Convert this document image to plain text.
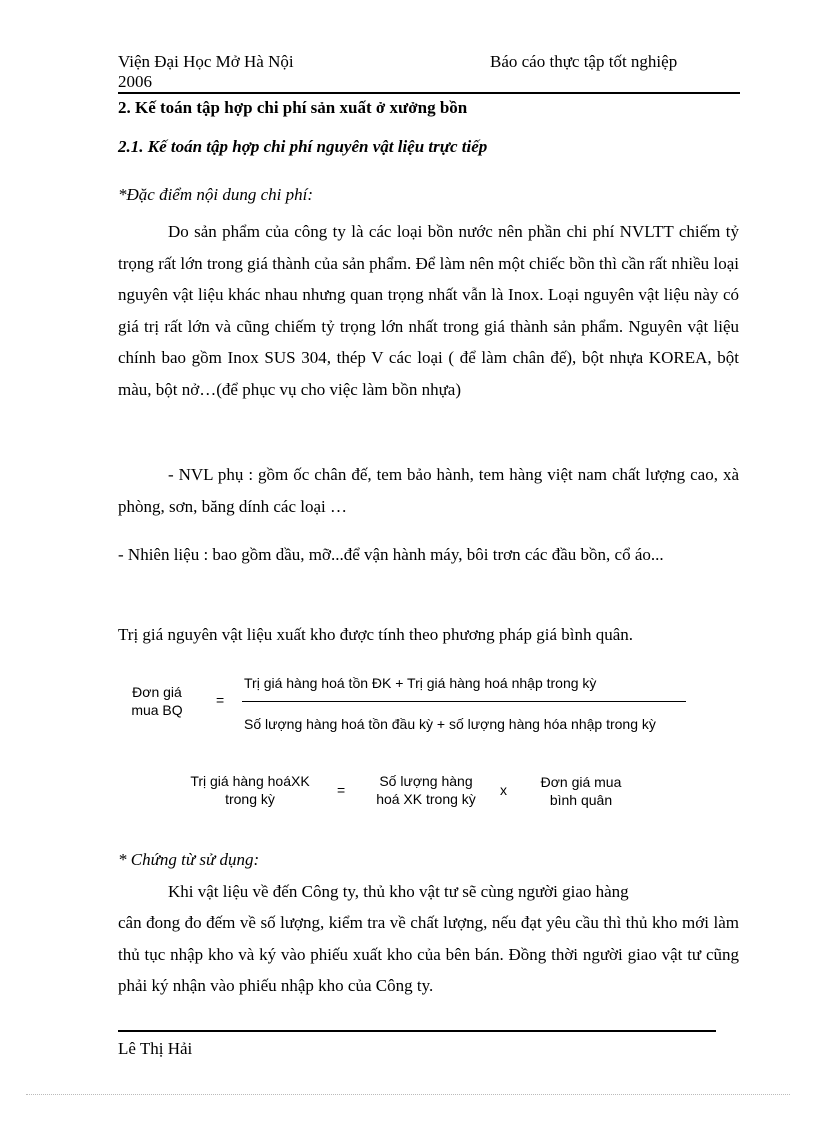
Viện Đại Học Mở Hà Nội
2006
Báo cáo thực tập tốt nghiệp
2. Kế toán tập hợp chi phí sản xuất ở xưởng bồn
2.1. Kế toán tập hợp chi phí nguyên vật liệu trực tiếp
*Đặc điểm nội dung chi phí:
Do sản phẩm của công ty là các loại bồn nước nên phần chi phí NVLTT chiếm tỷ trọng rất lớn trong giá thành của sản phẩm. Để làm nên một chiếc bồn thì cần rất nhiều loại nguyên vật liệu khác nhau nhưng quan trọng nhất vẫn là Inox. Loại nguyên vật liệu này có giá trị rất lớn và cũng chiếm tỷ trọng lớn nhất trong giá thành sản phẩm. Nguyên vật liệu chính bao gồm Inox SUS 304, thép V các loại ( để làm chân đế), bột nhựa KOREA, bột màu, bột nở…(để phục vụ cho việc làm bồn nhựa)
- NVL phụ : gồm ốc chân đế, tem bảo hành, tem hàng việt nam chất lượng cao, xà phòng, sơn, băng dính các loại …
- Nhiên liệu : bao gồm dầu, mỡ...để vận hành máy, bôi trơn các đầu bồn, cổ áo...
Trị giá nguyên vật liệu xuất kho được tính theo phương pháp giá bình quân.
Đơn giá
mua BQ
=
Trị giá hàng hoá tồn ĐK + Trị giá hàng hoá nhập trong kỳ
Số lượng hàng hoá tồn đầu kỳ + số lượng hàng hóa nhập trong kỳ
Trị giá hàng hoáXK
trong kỳ
=
Số lượng hàng
hoá XK trong kỳ
x	Đơn giá mua
bình quân
* Chứng từ sử dụng:
Khi vật liệu về đến Công ty, thủ kho vật tư sẽ cùng người giao hàng
cân đong đo đếm về số lượng, kiểm tra về chất lượng, nếu đạt yêu cầu thì thủ kho mới làm thủ tục nhập kho và ký vào phiếu xuất kho của bên bán. Đồng thời người giao vật tư cũng phải ký nhận vào phiếu nhập kho của Công ty.
Lê Thị Hải
